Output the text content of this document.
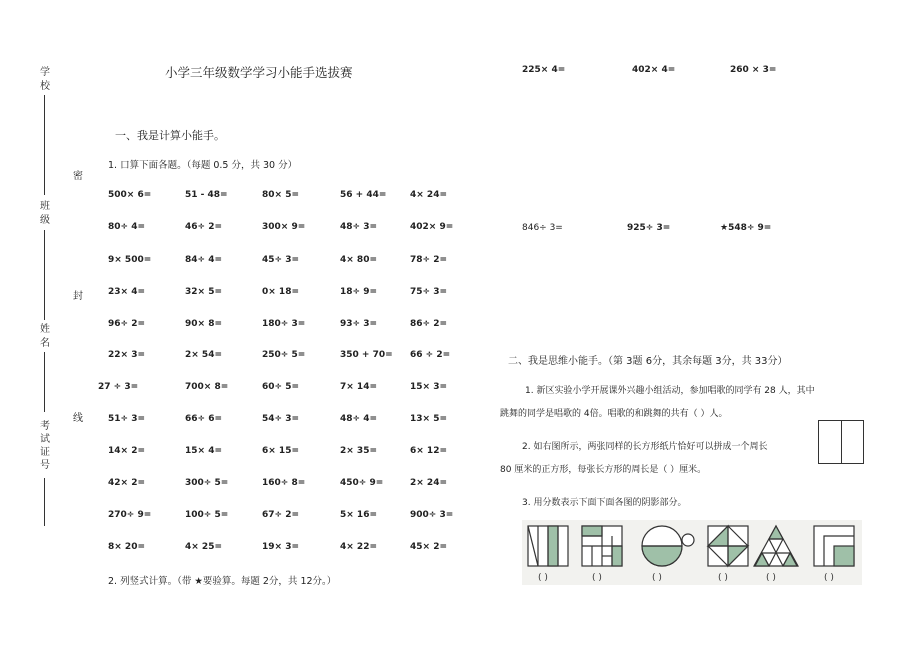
学校
班级
姓名
考试证号
密
封
线
小学三年级数学学习小能手选拔赛
一、我是计算小能手。
1. 口算下面各题。（每题 0.5 分，共 30 分）
500× 6=	51 - 48=	80× 5=	56 + 44=	4× 24=
80÷ 4=	46÷ 2=	300× 9=	48÷ 3=	402× 9=
9× 500=	84÷ 4=	45÷ 3=	4× 80=	78÷ 2=
23× 4=	32× 5=	0× 18=	18÷ 9=	75÷ 3=
96÷ 2=	90× 8=	180÷ 3=	93÷ 3=	86÷ 2=
22× 3=	2× 54=	250÷ 5=	350 + 70= 66 ÷ 2=
27 ÷ 3=	700× 8=	60÷ 5=	7× 14=	15× 3=
51÷ 3=	66÷ 6=	54÷ 3=	48÷ 4=	13× 5=
14× 2=	15× 4=	6× 15=	2× 35=	6× 12=
42× 2=	300÷ 5=	160÷ 8=	450÷ 9=	2× 24=
270÷ 9=	100÷ 5=	67÷ 2=	5× 16=	900÷ 3=
8× 20=	4× 25=	19× 3=	4× 22=	45× 2=
2. 列竖式计算。（带 ★要验算。每题 2分，共 12分。）
225× 4=	402× 4=	260 × 3=
846÷ 3=	925÷ 3=	★548÷ 9=
二、我是思维小能手。（第 3题 6分，其余每题 3分，共 33分）
1. 新区实验小学开展课外兴趣小组活动，参加唱歌的同学有 28 人，其中
跳舞的同学是唱歌的 4倍。唱歌的和跳舞的共有（ ）人。
2. 如右图所示，两张同样的长方形纸片恰好可以拼成一个周长
80 厘米的正方形，每张长方形的周长是（ ）厘米。
3. 用分数表示下面下面各图的阴影部分。
( )	( )	( )	( )	( )	( )
